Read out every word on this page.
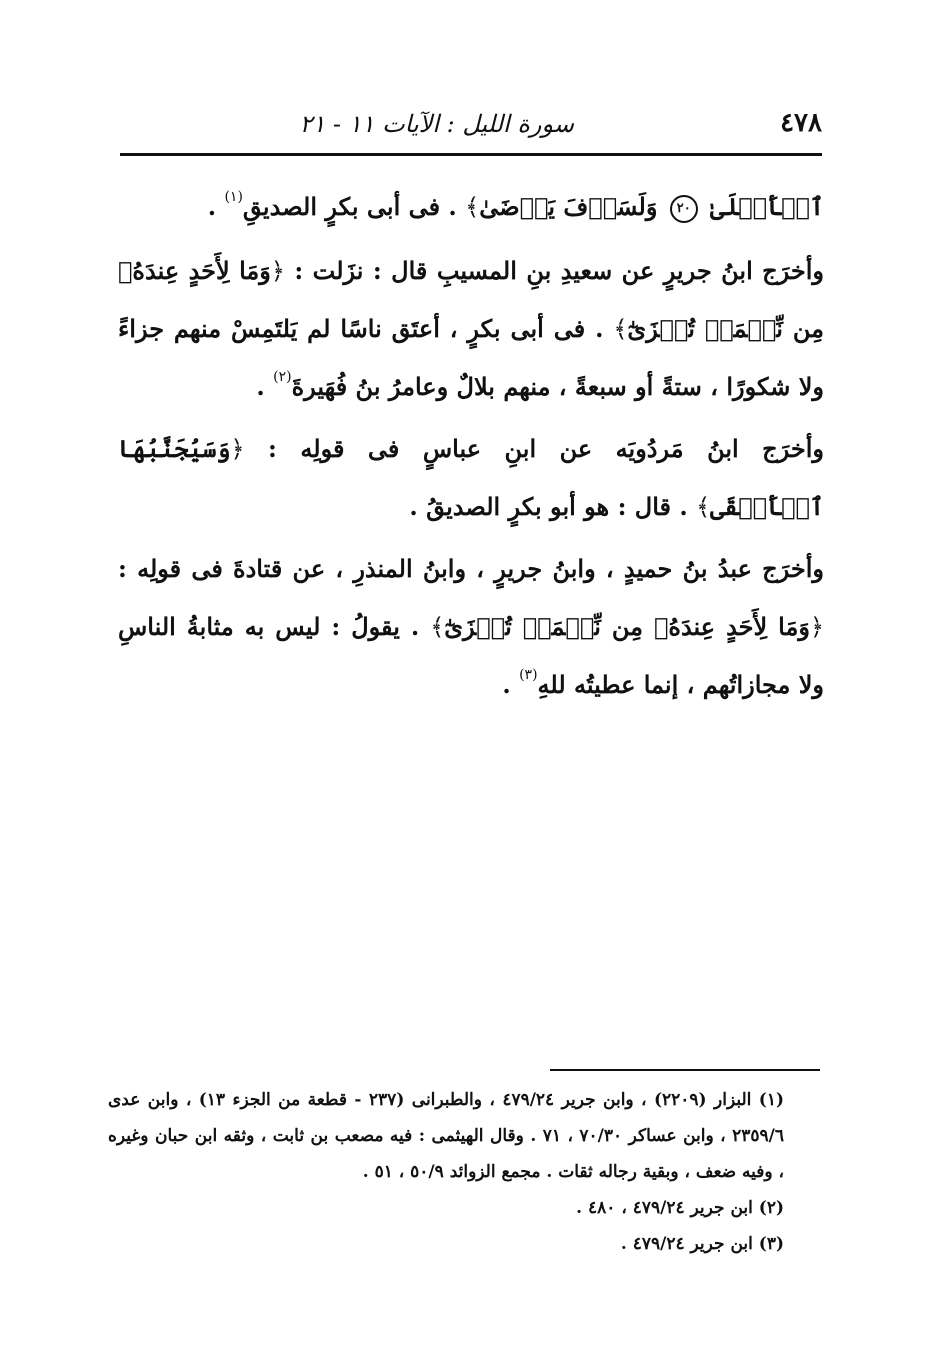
٤٧٨
سورة الليل : الآيات ١١ - ٢١

ٱلۡأَعۡلَىٰ ٢٠ وَلَسَوۡفَ يَرۡضَىٰ﴾ . فى أبى بكرٍ الصديقِ$^{(١)}$ .

وأخرَج ابنُ جريرٍ عن سعيدِ بنِ المسيبِ قال : نزَلت : ﴿وَمَا لِأَحَدٍ عِندَهُۥ مِن نِّعۡمَةٖ تُجۡزَىٰٓ﴾ . فى أبى بكرٍ ، أعتَق ناسًا لم يَلتَمِسْ منهم جزاءً ولا شكورًا ، ستةً أو سبعةً ، منهم بلالٌ وعامرُ بنُ فُهَيرةَ$^{(٢)}$ .

وأخرَج ابنُ مَردُويَه عن ابنِ عباسٍ فى قولِه : ﴿وَسَيُجَنَّبُهَا ٱلۡأَتۡقَى﴾ . قال : هو أبو بكرٍ الصديقُ .

وأخرَج عبدُ بنُ حميدٍ ، وابنُ جريرٍ ، وابنُ المنذرِ ، عن قتادةَ فى قولِه : ﴿وَمَا لِأَحَدٍ عِندَهُۥ مِن نِّعۡمَةٖ تُجۡزَىٰٓ﴾ . يقولُ : ليس به مثابةُ الناسِ ولا مجازاتُهم ، إنما عطيتُه للهِ$^{(٣)}$ .

(١) البزار (٢٢٠٩) ، وابن جرير ٤٧٩/٢٤ ، والطبرانى (٢٣٧ - قطعة من الجزء ١٣) ، وابن عدى ٢٣٥٩/٦ ، وابن عساكر ٧٠/٣٠ ، ٧١ . وقال الهيثمى : فيه مصعب بن ثابت ، وثقه ابن حبان وغيره ، وفيه ضعف ، وبقية رجاله ثقات . مجمع الزوائد ٥٠/٩ ، ٥١ .

(٢) ابن جرير ٤٧٩/٢٤ ، ٤٨٠ .

(٣) ابن جرير ٤٧٩/٢٤ .
